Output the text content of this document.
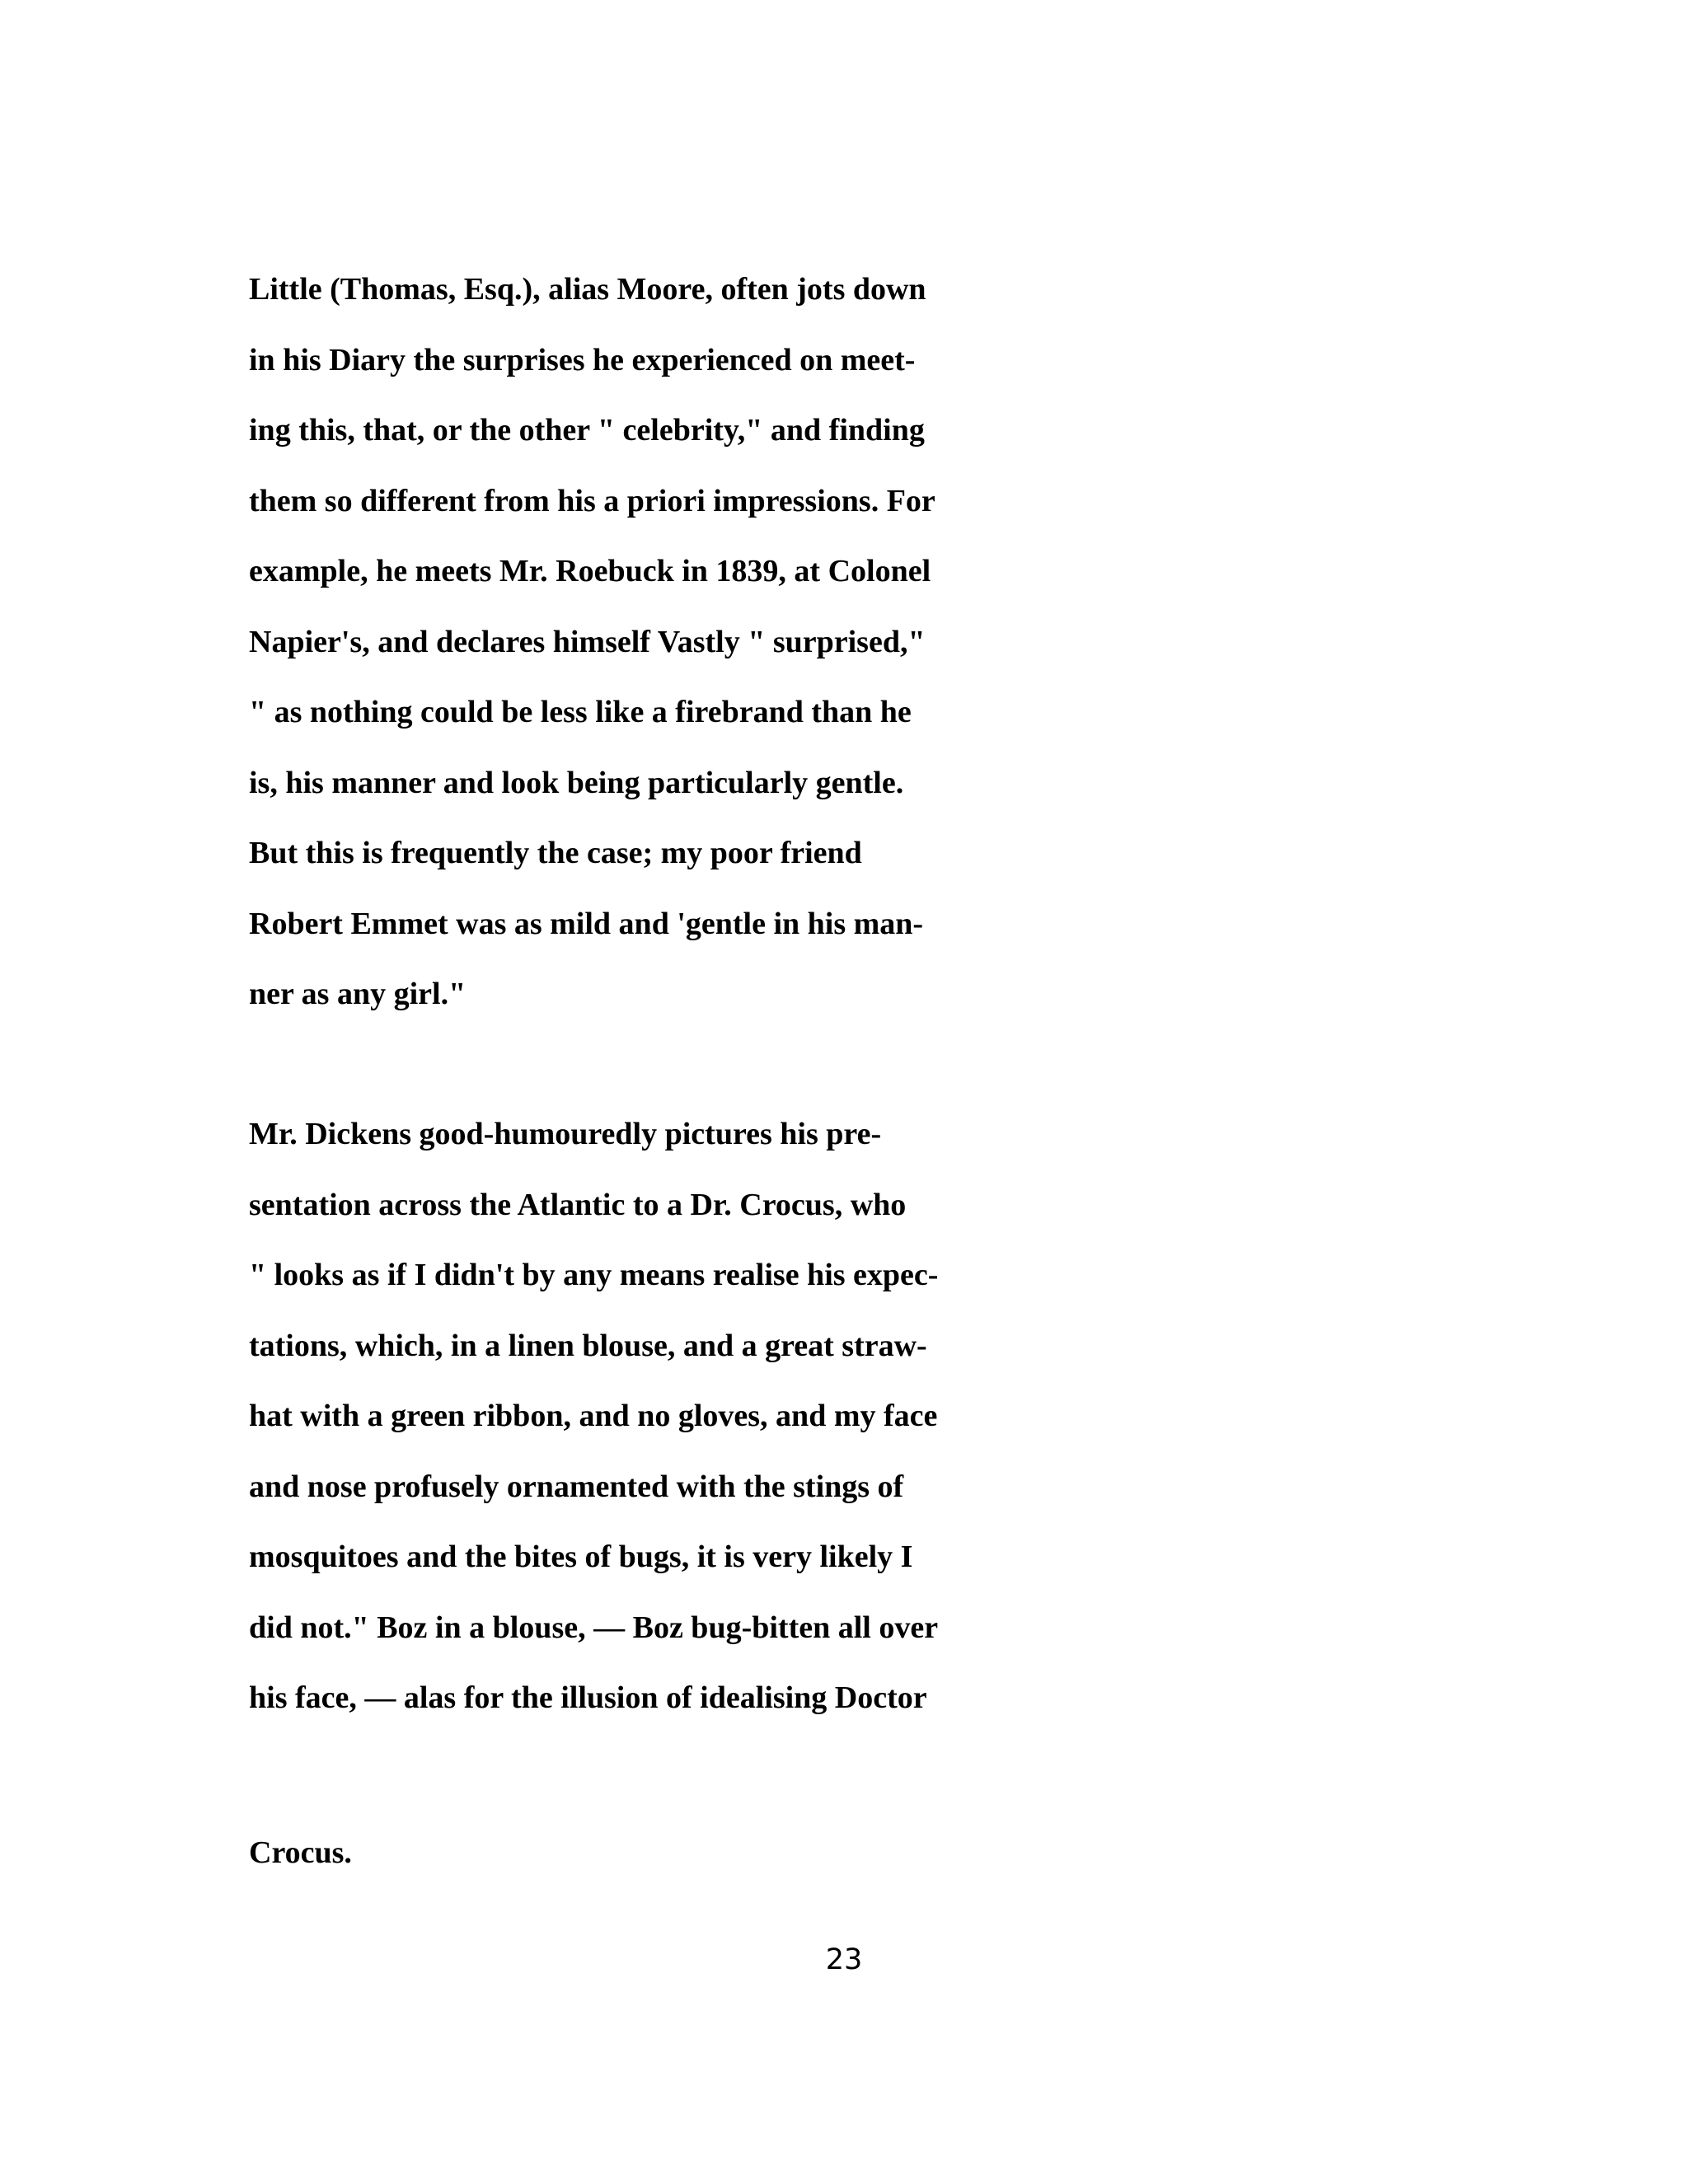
Little (Thomas, Esq.), alias Moore, often jots down
in his Diary the surprises he experienced on meet-
ing this, that, or the other " celebrity," and finding
them so different from his a priori impressions. For
example, he meets Mr. Roebuck in 1839, at Colonel
Napier's, and declares himself Vastly " surprised,"
" as nothing could be less like a firebrand than he
is, his manner and look being particularly gentle.
But this is frequently the case; my poor friend
Robert Emmet was as mild and 'gentle in his man-
ner as any girl."
Mr. Dickens good-humouredly pictures his pre-
sentation across the Atlantic to a Dr. Crocus, who
" looks as if I didn't by any means realise his expec-
tations, which, in a linen blouse, and a great straw-
hat with a green ribbon, and no gloves, and my face
and nose profusely ornamented with the stings of
mosquitoes and the bites of bugs, it is very likely I
did not." Boz in a blouse, — Boz bug-bitten all over
his face, — alas for the illusion of idealising Doctor
Crocus.
23
